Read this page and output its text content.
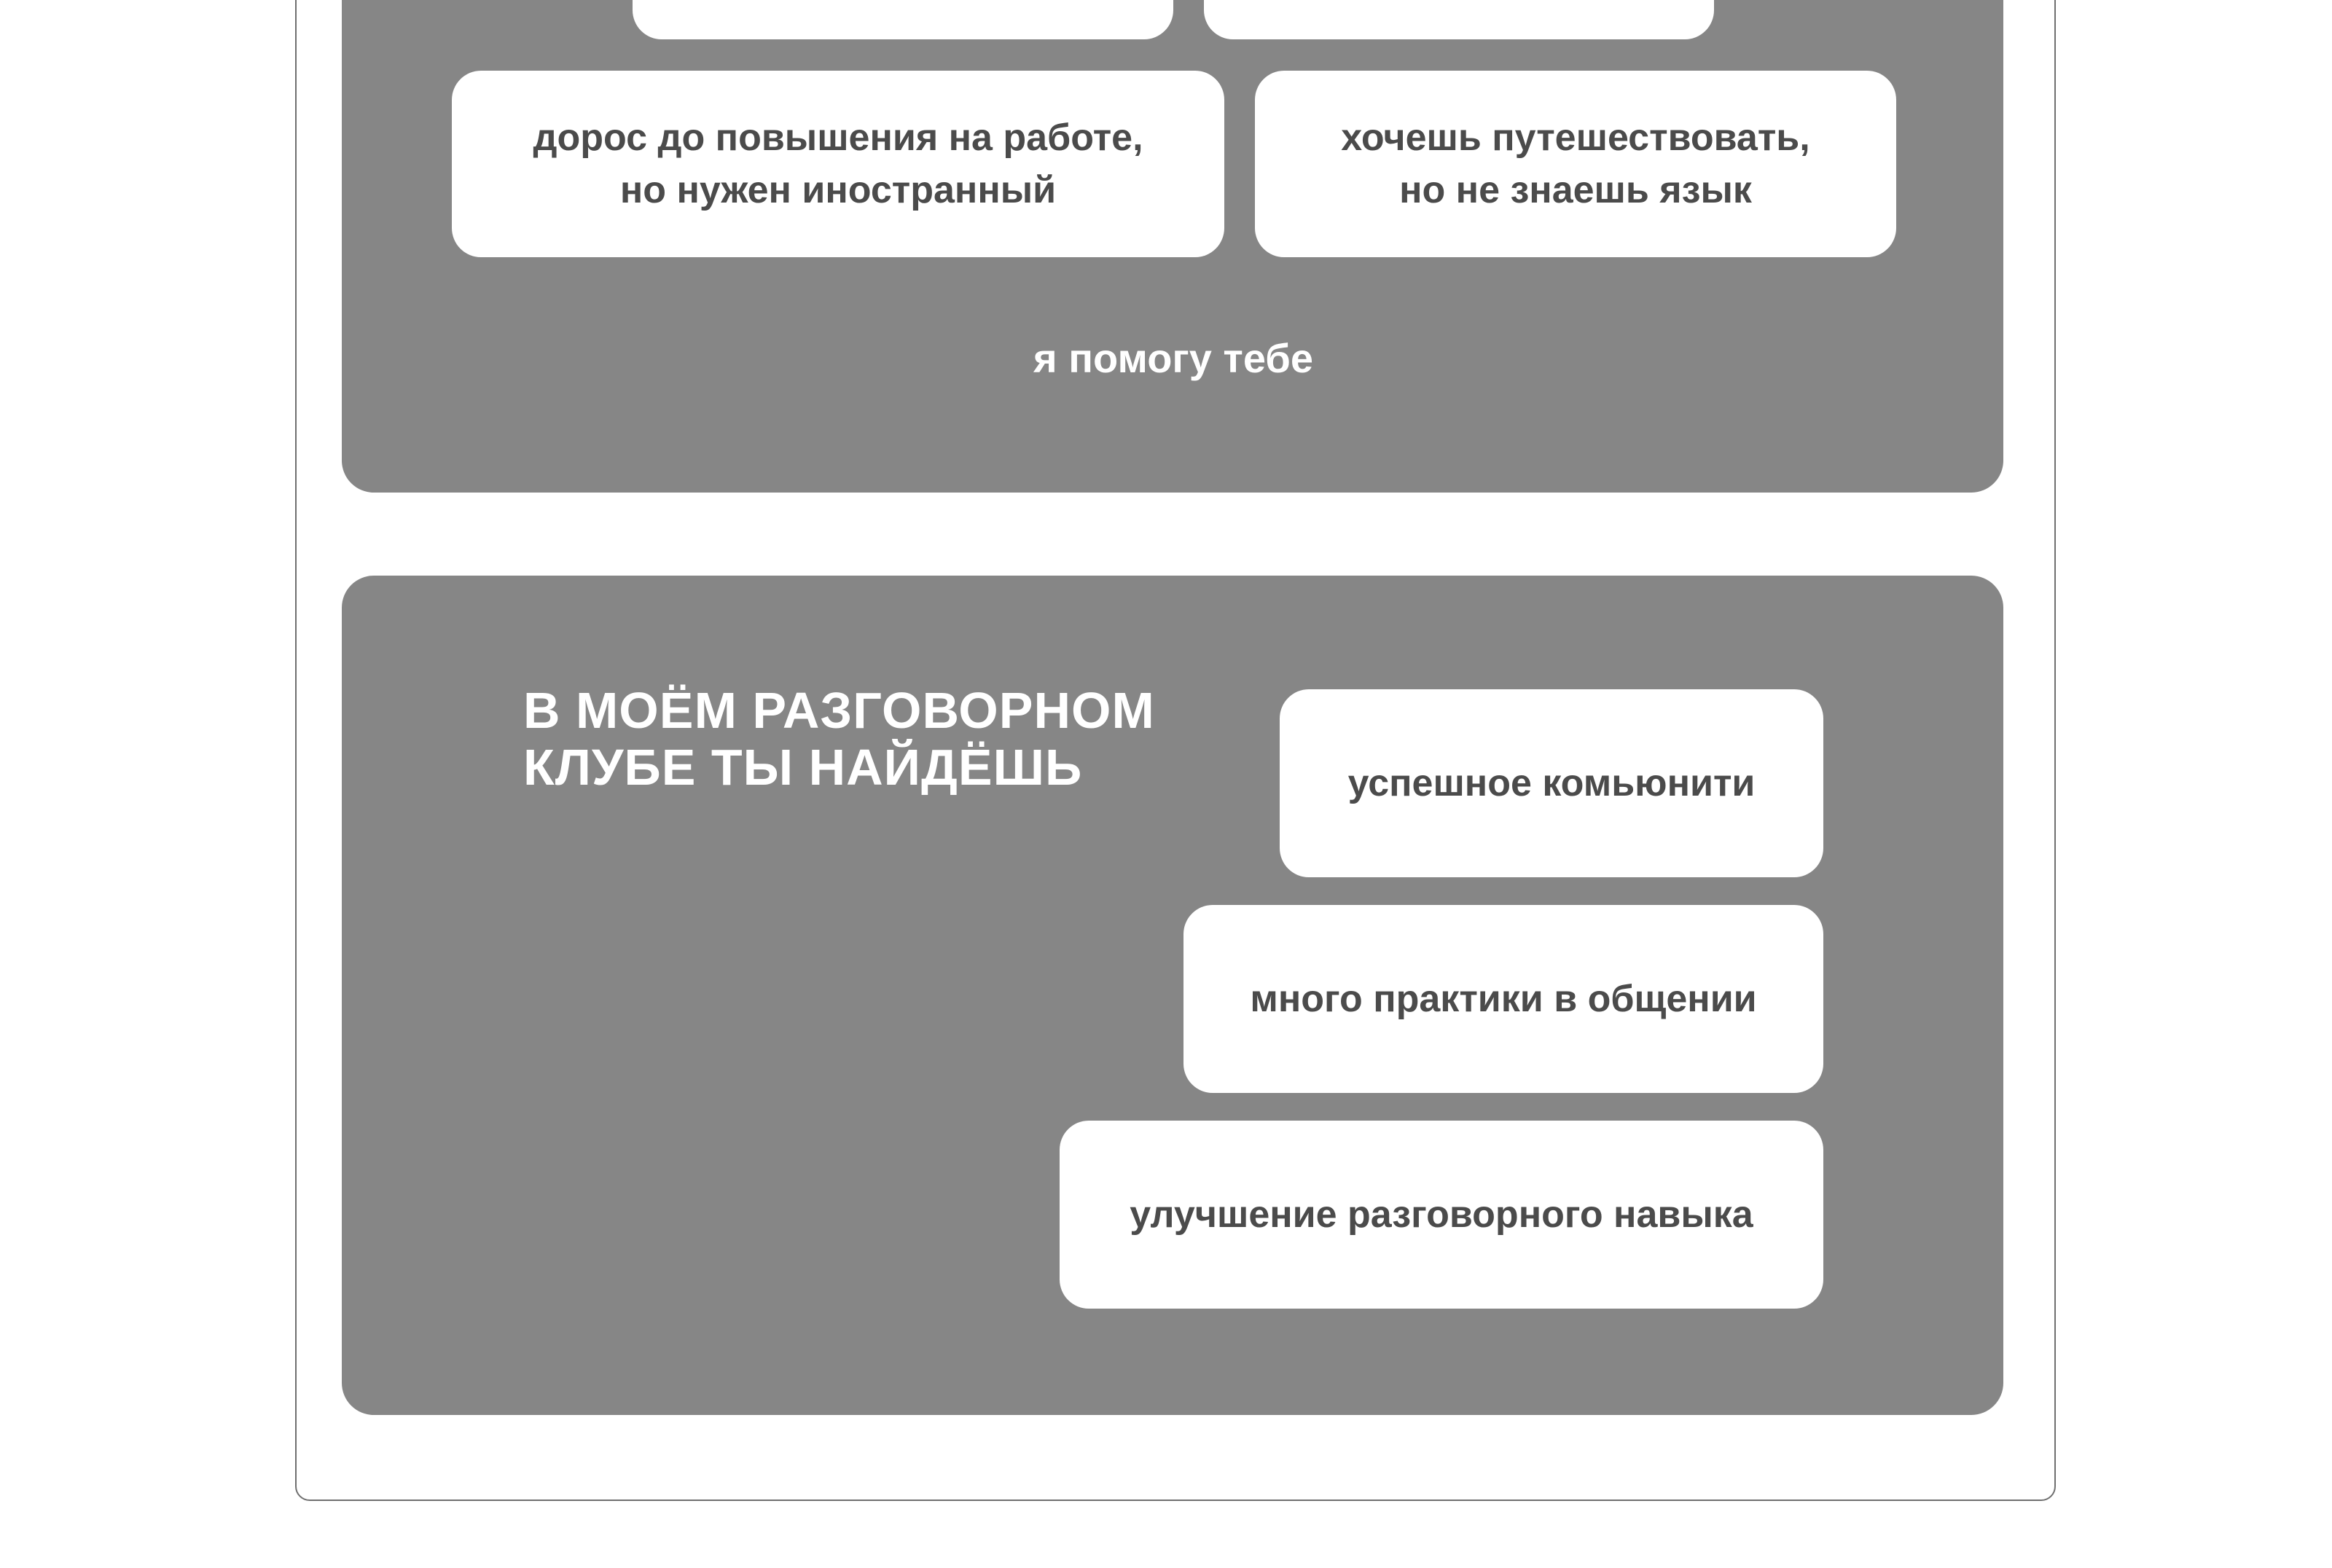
дорос до повышения на работе,
но нужен иностранный
хочешь путешествовать,
но не знаешь язык
я помогу тебе
В МОЁМ РАЗГОВОРНОМ
КЛУБЕ ТЫ НАЙДЁШЬ	успешное комьюнити
много практики в общении
улучшение разговорного навыка
